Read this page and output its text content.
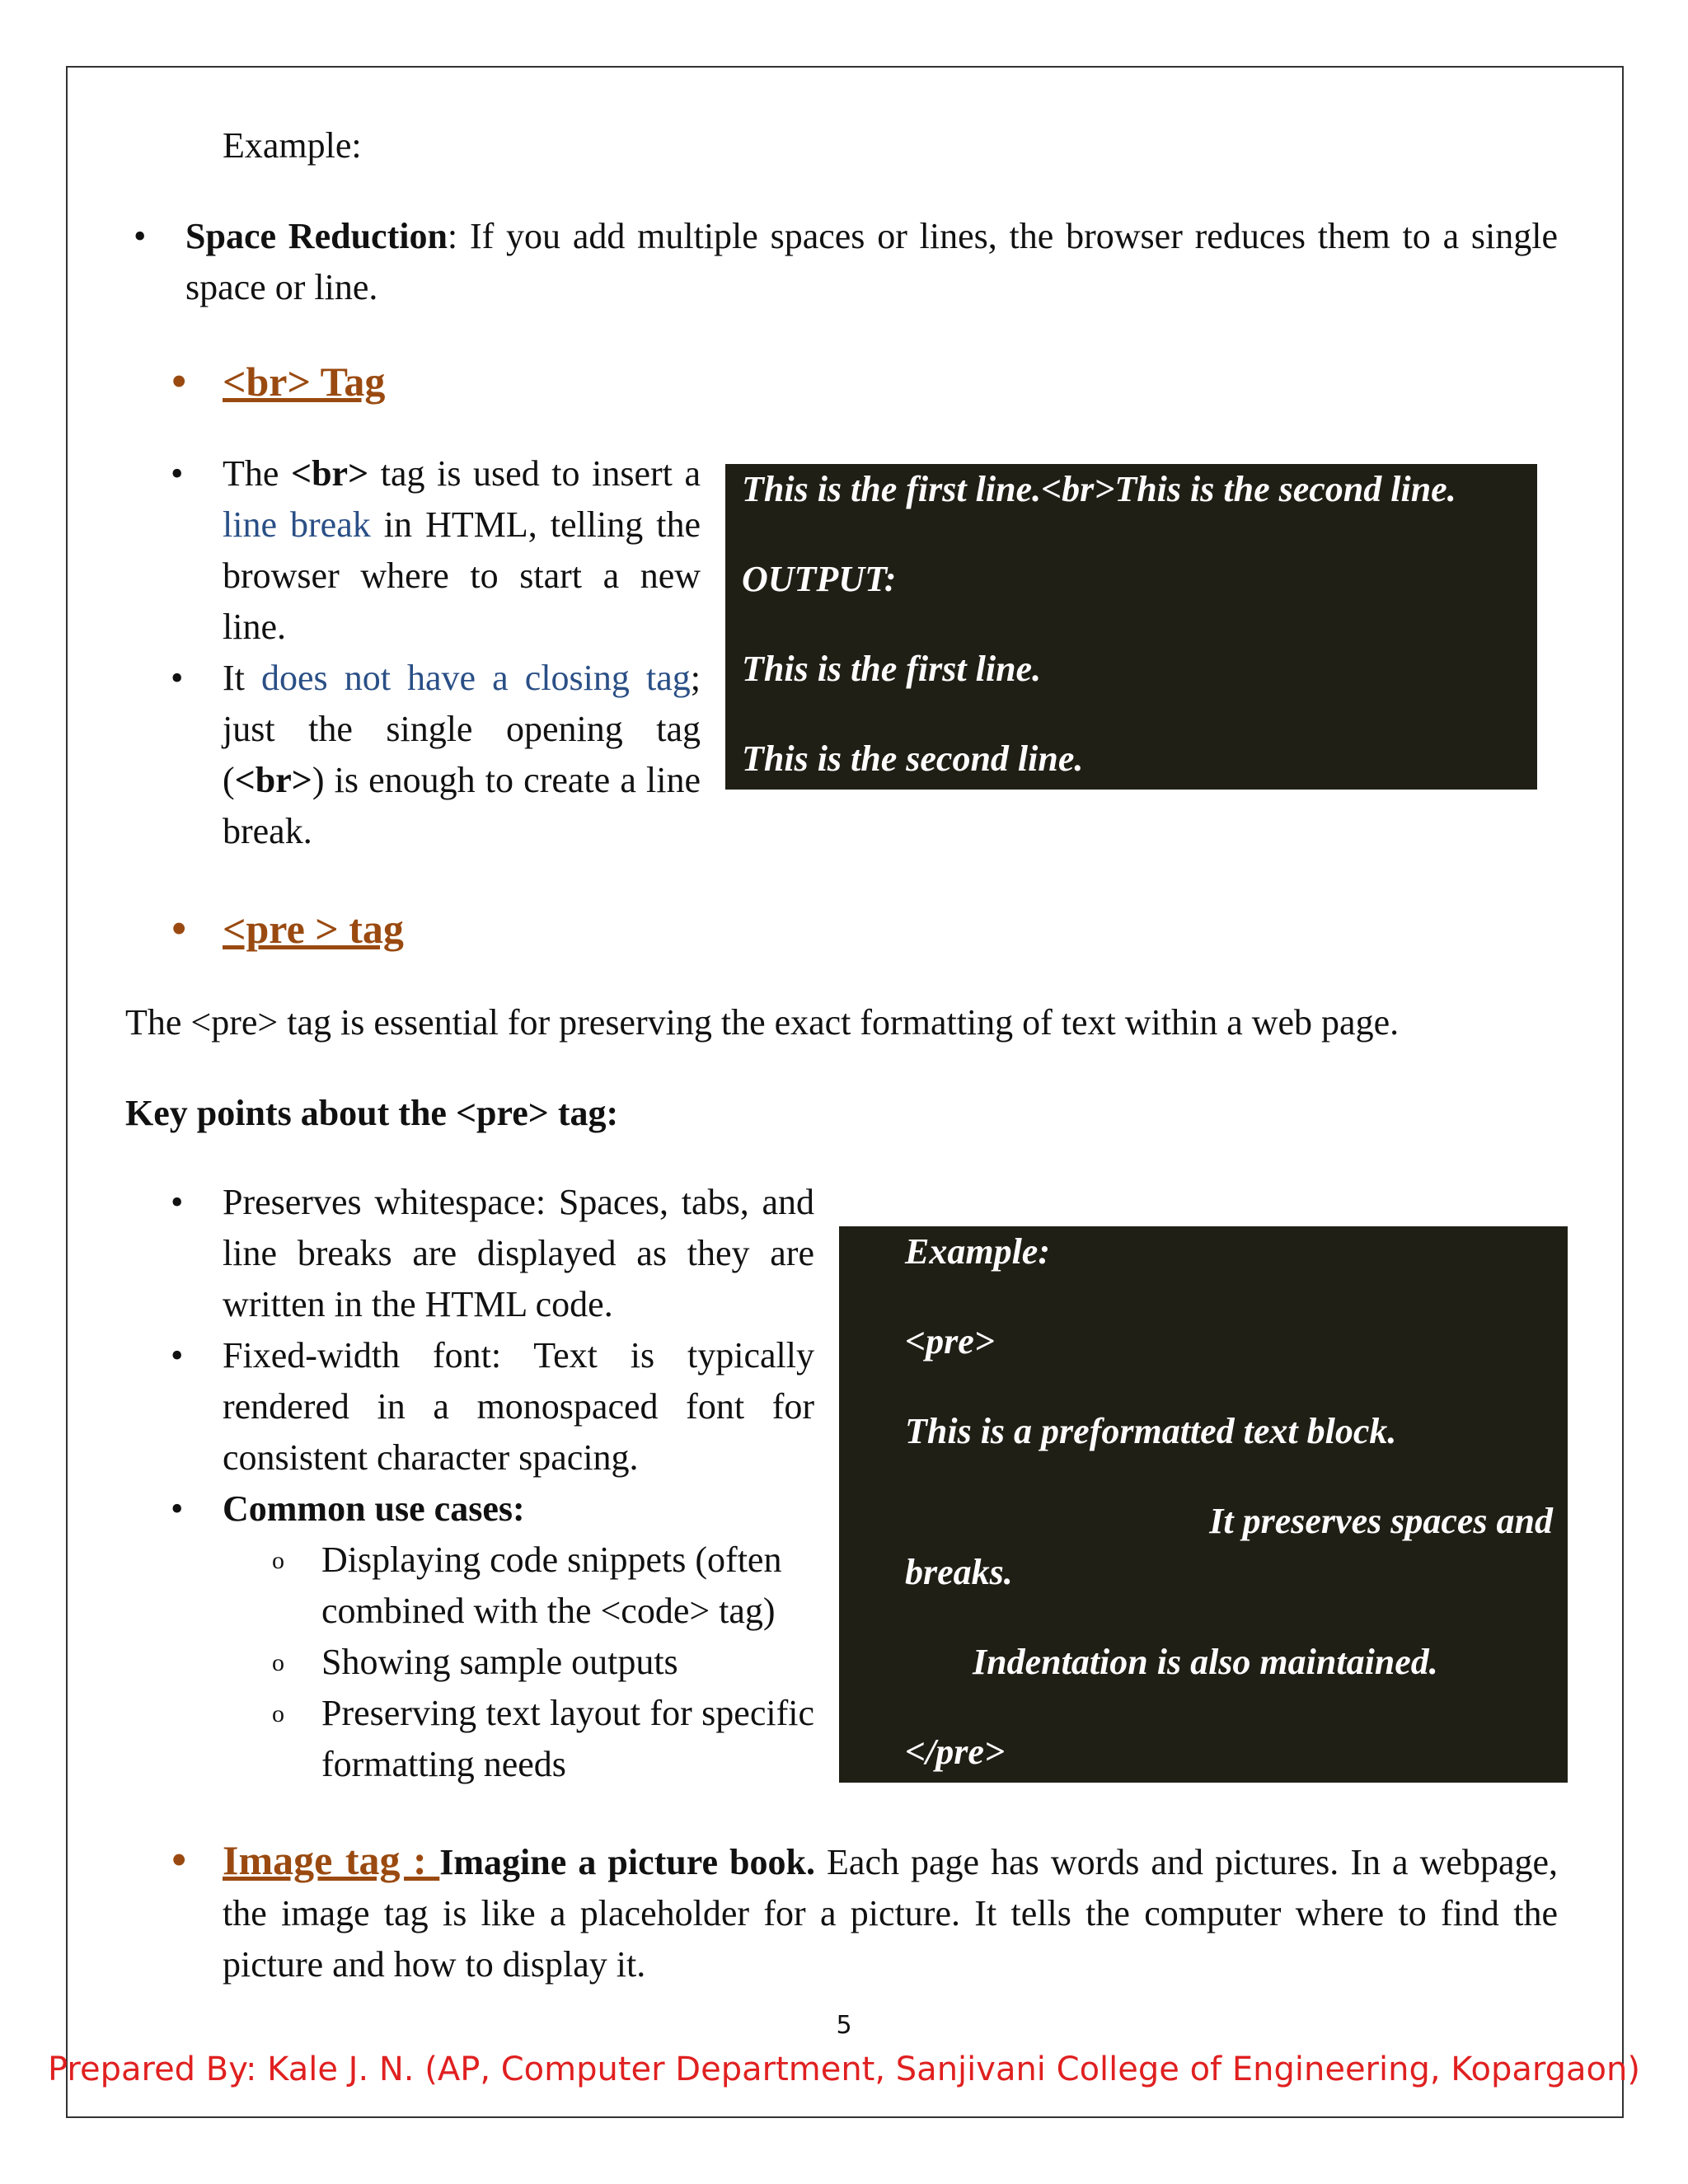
Example:
• Space Reduction: If you add multiple spaces or lines, the browser reduces them to a single space or line.
• <br> Tag
• The <br> tag is used to insert a line break in HTML, telling the browser where to start a new line.
• It does not have a closing tag; just the single opening tag (<br>) is enough to create a line break.
This is the first line.<br>This is the second line.
OUTPUT:
This is the first line.
This is the second line.
• <pre > tag
The <pre> tag is essential for preserving the exact formatting of text within a web page.
Key points about the <pre> tag:
• Preserves whitespace: Spaces, tabs, and line breaks are displayed as they are written in the HTML code.
• Fixed-width font: Text is typically rendered in a monospaced font for consistent character spacing.
• Common use cases:
o Displaying code snippets (often combined with the <code> tag)
o Showing sample outputs
o Preserving text layout for specific formatting needs
Example:
<pre>
This is a preformatted text block.
It preserves spaces and
breaks.
Indentation is also maintained.
</pre>
• Image tag : Imagine a picture book. Each page has words and pictures. In a webpage, the image tag is like a placeholder for a picture. It tells the computer where to find the picture and how to display it.
5
Prepared By: Kale J. N. (AP, Computer Department, Sanjivani College of Engineering, Kopargaon)
